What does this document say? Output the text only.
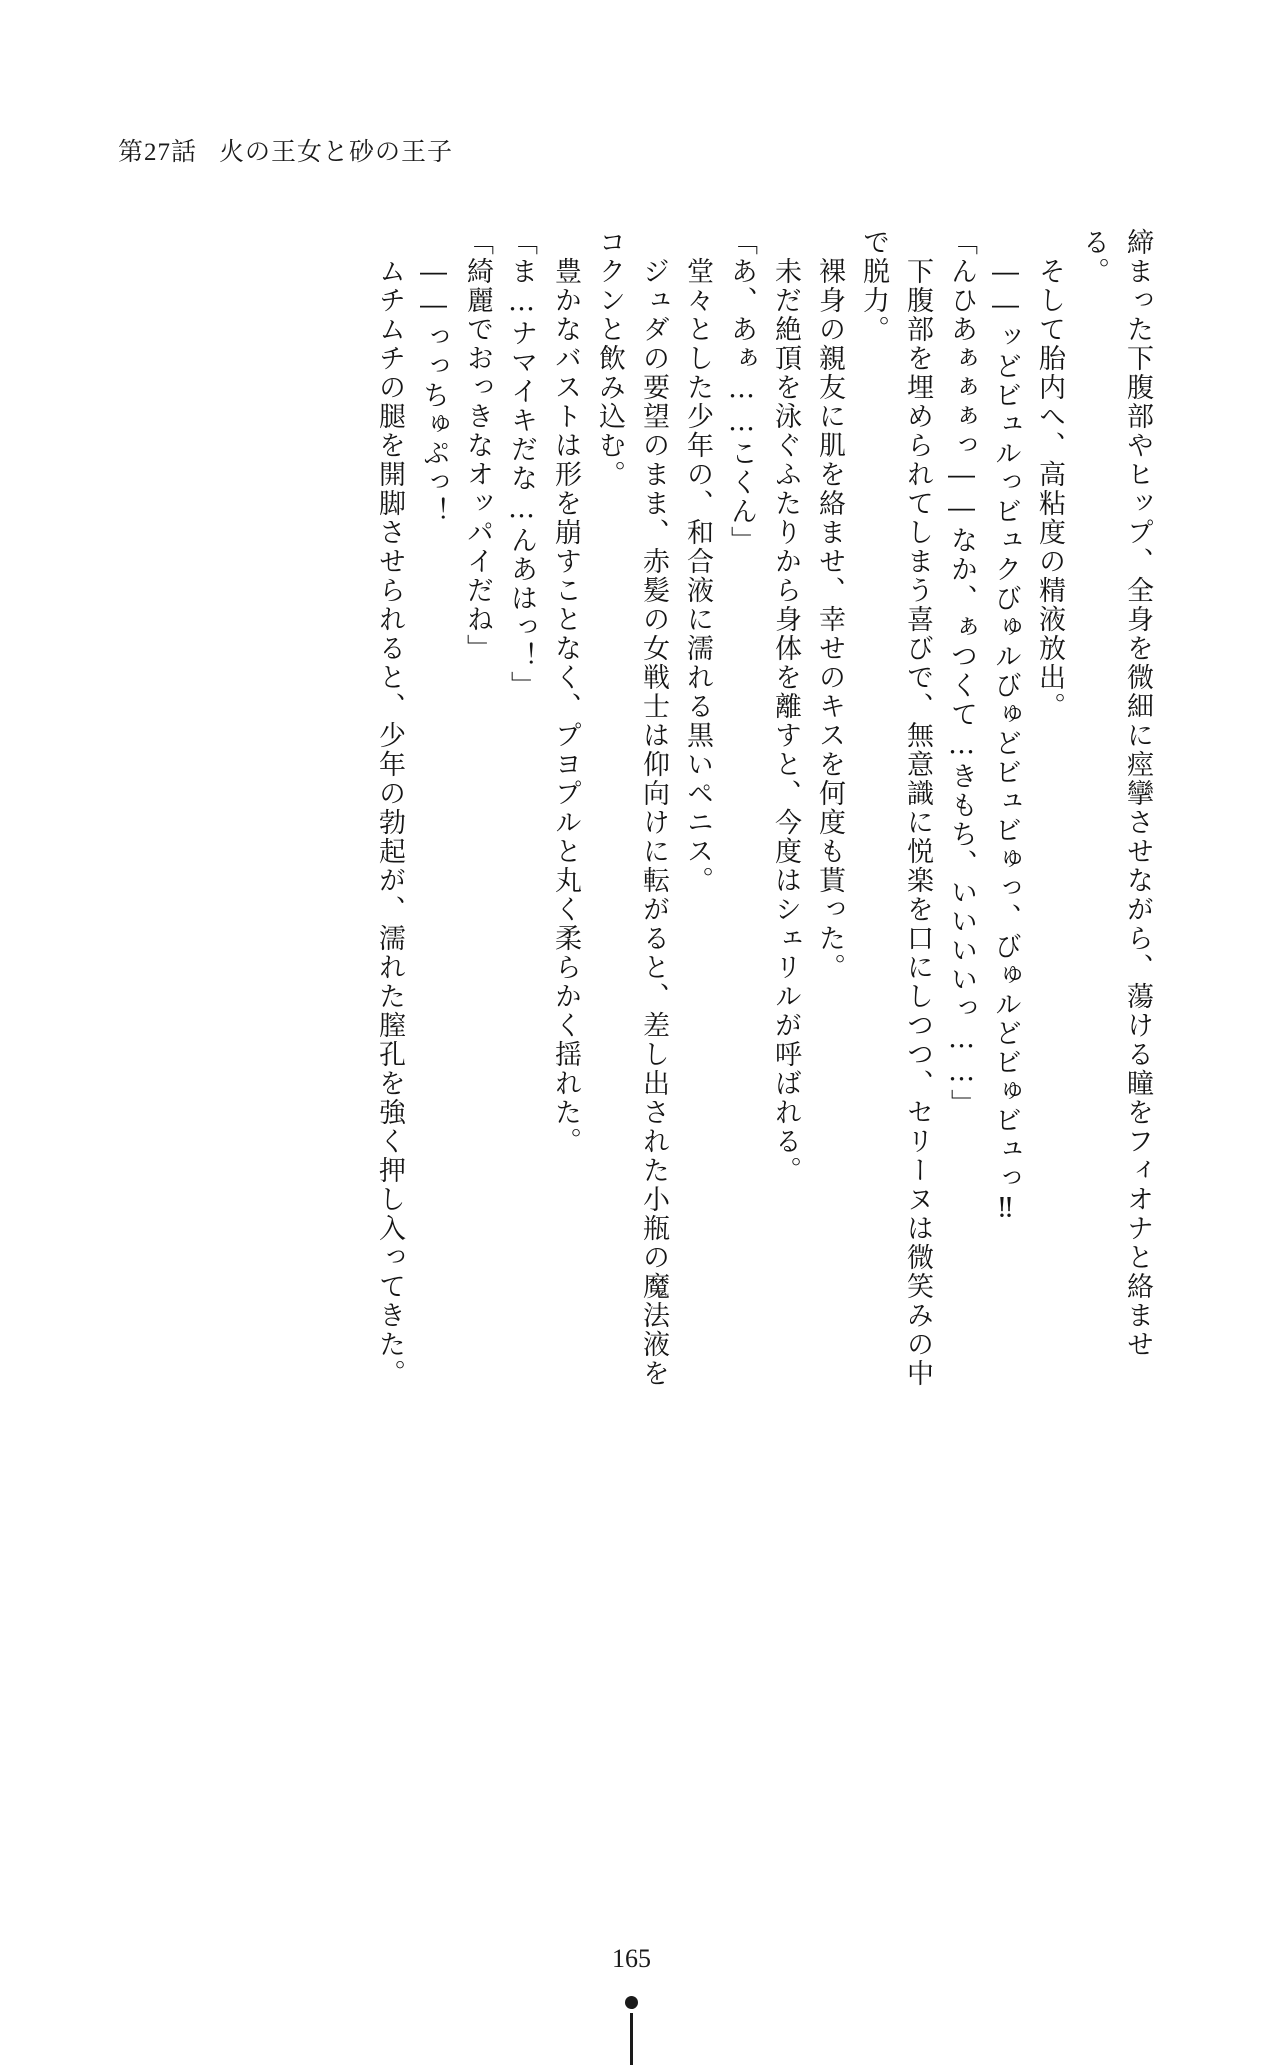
第27話 火の王女と砂の王子
締まった下腹部やヒップ、全身を微細に痙攣させながら、蕩ける瞳をフィオナと絡ませ
る。
　そして胎内へ、高粘度の精液放出。
　――ッどビュルっビュクびゅルびゅどビュビゅっ、びゅルどビゅビュっ‼
「んひあぁぁぁっ――なか、ぁつくて…きもち、いいいいっ……」
　下腹部を埋められてしまう喜びで、無意識に悦楽を口にしつつ、セリーヌは微笑みの中
で脱力。
　裸身の親友に肌を絡ませ、幸せのキスを何度も貰った。
　未だ絶頂を泳ぐふたりから身体を離すと、今度はシェリルが呼ばれる。
「あ、あぁ……こくん」
　堂々とした少年の、和合液に濡れる黒いペニス。
　ジュダの要望のまま、赤髪の女戦士は仰向けに転がると、差し出された小瓶の魔法液を
コクンと飲み込む。
　豊かなバストは形を崩すことなく、プヨプルと丸く柔らかく揺れた。
「ま…ナマイキだな…んあはっ！」
「綺麗でおっきなオッパイだね」
　――っっちゅぷっ！
　ムチムチの腿を開脚させられると、少年の勃起が、濡れた膣孔を強く押し入ってきた。
165
